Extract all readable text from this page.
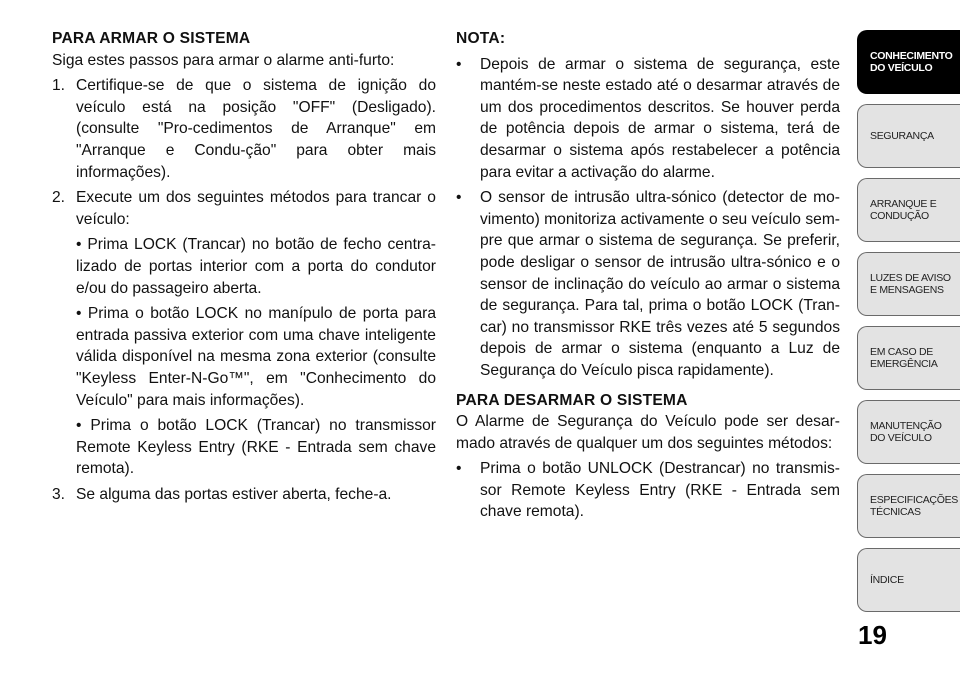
PARA ARMAR O SISTEMA

Siga estes passos para armar o alarme anti-furto:

1. Certifique-se de que o sistema de ignição do veículo está na posição "OFF" (Desligado). (consulte "Pro-cedimentos de Arranque" em "Arranque e Condu-ção" para obter mais informações).
2. Execute um dos seguintes métodos para trancar o veículo:

• Prima LOCK (Trancar) no botão de fecho centra-lizado de portas interior com a porta do condutor e/ou do passageiro aberta.

• Prima o botão LOCK no manípulo de porta para entrada passiva exterior com uma chave inteligente válida disponível na mesma zona exterior (consulte "Keyless Enter-N-Go™", em "Conhecimento do Veículo" para mais informações).

• Prima o botão LOCK (Trancar) no transmissor Remote Keyless Entry (RKE - Entrada sem chave remota).

3. Se alguma das portas estiver aberta, feche-a.

NOTA:

•	Depois de armar o sistema de segurança, este mantém-se neste estado até o desarmar através de um dos procedimentos descritos. Se houver perda de potência depois de armar o sistema, terá de desarmar o sistema após restabelecer a potência para evitar a activação do alarme.
•	O sensor de intrusão ultra-sónico (detector de mo-vimento) monitoriza activamente o seu veículo sem-pre que armar o sistema de segurança. Se preferir, pode desligar o sensor de intrusão ultra-sónico e o sensor de inclinação do veículo ao armar o sistema de segurança. Para tal, prima o botão LOCK (Tran-car) no transmissor RKE três vezes até 5 segundos depois de armar o sistema (enquanto a Luz de Segurança do Veículo pisca rapidamente).

PARA DESARMAR O SISTEMA

O Alarme de Segurança do Veículo pode ser desar-mado através de qualquer um dos seguintes métodos:

•	Prima o botão UNLOCK (Destrancar) no transmis-sor Remote Keyless Entry (RKE - Entrada sem chave remota).
CONHECIMENTO DO VEÍCULO
SEGURANÇA
ARRANQUE E CONDUÇÃO
LUZES DE AVISO E MENSAGENS
EM CASO DE EMERGÊNCIA
MANUTENÇÃO DO VEÍCULO
ESPECIFICAÇÕES TÉCNICAS
ÍNDICE
19
